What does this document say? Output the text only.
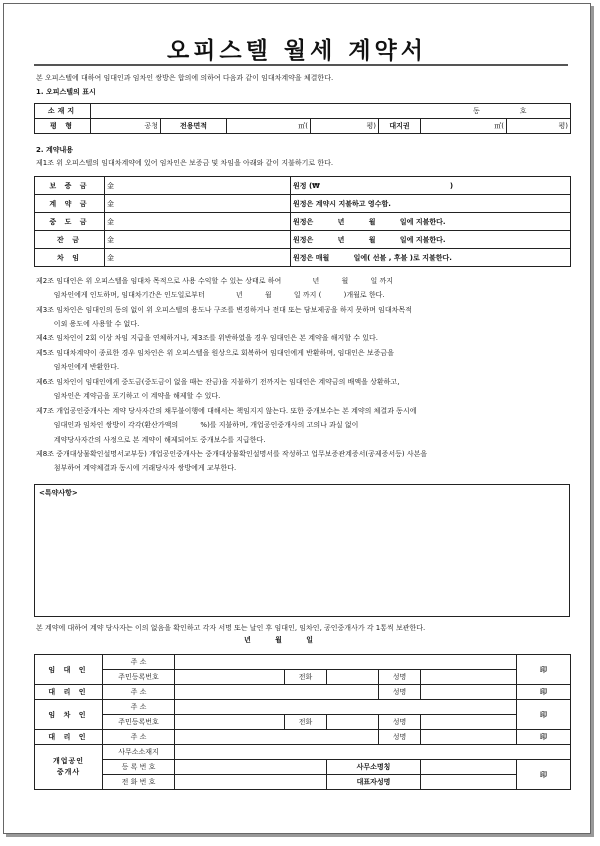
오피스텔 월세 계약서
본 오피스텔에 대하여 임대인과 임차인 쌍방은 합의에 의하여 다음과 같이 임대차계약을 체결한다.
1. 오피스텔의 표시
소재지	동 호						
평 형	공청	전용면적	㎡(	평)	대지권	㎡(	평)
2. 계약내용
제1조 위 오피스텔의 임대차계약에 있어 임차인은 보증금 및 차임을 아래와 같이 지불하기로 한다.
보 증 금	金	원정 (₩ )
계 약 금	金	원정은 계약시 지불하고 영수함.
중 도 금	金	원정은          년          월          일에 지불한다.
잔 금	金	원정은          년          월          일에 지불한다.
차 임	金	원정은 매월          일에( 선불 , 후불 )로 지불한다.
제2조 임대인은 위 오피스텔을 임대차 목적으로 사용 수익할 수 있는 상태로 하여              년          월          일 까지
임차인에게 인도하며, 임대차기간은 인도일로부터              년          월          일 까지 (          )개월로 한다.
제3조 임차인은 임대인의 동의 없이 위 오피스텔의 용도나 구조를 변경하거나 전대 또는 담보제공을 하지 못하며 임대차목적
이외 용도에 사용할 수 없다.
제4조 임차인이 2회 이상 차임 지급을 연체하거나, 제3조를 위반하였을 경우 임대인은 본 계약을 해지할 수 있다.
제5조 임대차계약이 종료한 경우 임차인은 위 오피스텔을 원상으로 회복하여 임대인에게 반환하며, 임대인은 보증금을
임차인에게 반환한다.
제6조 임차인이 임대인에게 중도금(중도금이 없을 때는 잔금)을 지불하기 전까지는 임대인은 계약금의 배액을 상환하고,
임차인은 계약금을 포기하고 이 계약을 해제할 수 있다.
제7조 개업공인중개사는 계약 당사자간의 채무불이행에 대해서는 책임지지 않는다. 또한 중개보수는 본 계약의 체결과 동시에
임대인과 임차인 쌍방이 각각(환산가액의          %)를 지불하며, 개업공인중개사의 고의나 과실 없이
계약당사자간의 사정으로 본 계약이 해제되어도 중개보수를 지급한다.
제8조 중개대상물확인설명서교부등) 개업공인중개사는 중개대상물확인설명서를 작성하고 업무보증관계증서(공제증서등) 사본을
첨부하여 계약체결과 동시에 거래당사자 쌍방에게 교부한다.
<특약사항>
본 계약에 대하여 계약 당사자는 이의 없음을 확인하고 각자 서명 또는 날인 후 임대인, 임차인, 공인중개사가 각 1통씩 보관한다.
년          월          일
임 대 인	주 소						印
	주민등록번호		전화		성명		
대 리 인	주 소				성명		印
임 차 인	주 소						印
	주민등록번호		전화		성명		
대 리 인	주 소				성명		印
개업공인
중개사	사무소소재지						
	등 록 번 호			사무소명칭			印
	전 화 번 호			대표자성명			
